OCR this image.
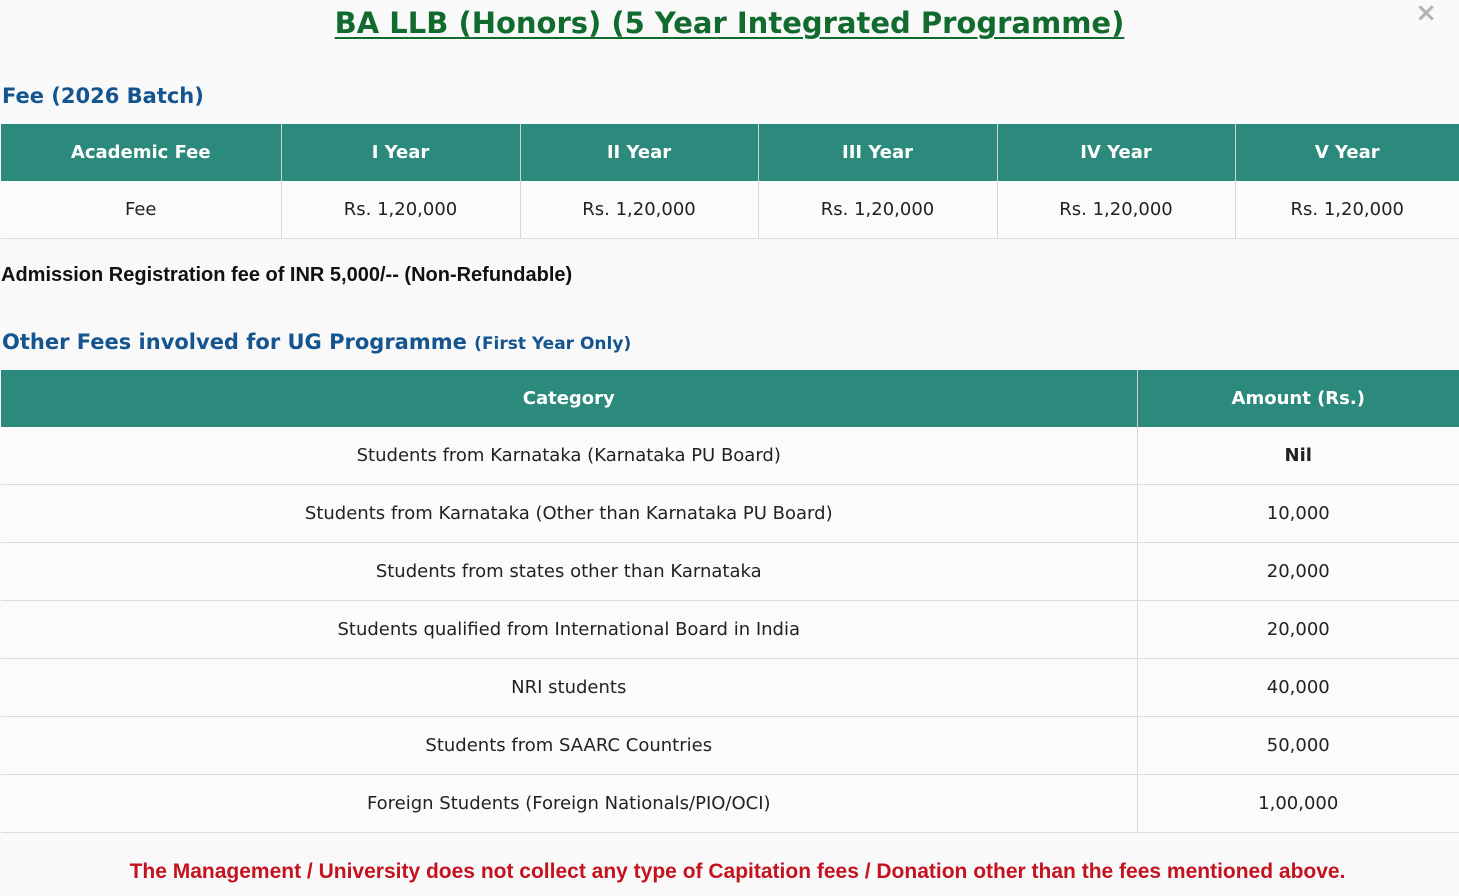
×
BA LLB (Honors) (5 Year Integrated Programme)
Fee (2026 Batch)
Academic Fee	I Year	II Year	III Year	IV Year	V Year
Fee	Rs. 1,20,000	Rs. 1,20,000	Rs. 1,20,000	Rs. 1,20,000	Rs. 1,20,000

Admission Registration fee of INR 5,000/-- (Non-Refundable)

Other Fees involved for UG Programme (First Year Only)
Category	Amount (Rs.)
Students from Karnataka (Karnataka PU Board)	Nil
Students from Karnataka (Other than Karnataka PU Board)	10,000
Students from states other than Karnataka	20,000
Students qualified from International Board in India	20,000
NRI students	40,000
Students from SAARC Countries	50,000
Foreign Students (Foreign Nationals/PIO/OCI)	1,00,000

The Management / University does not collect any type of Capitation fees / Donation other than the fees mentioned above.
